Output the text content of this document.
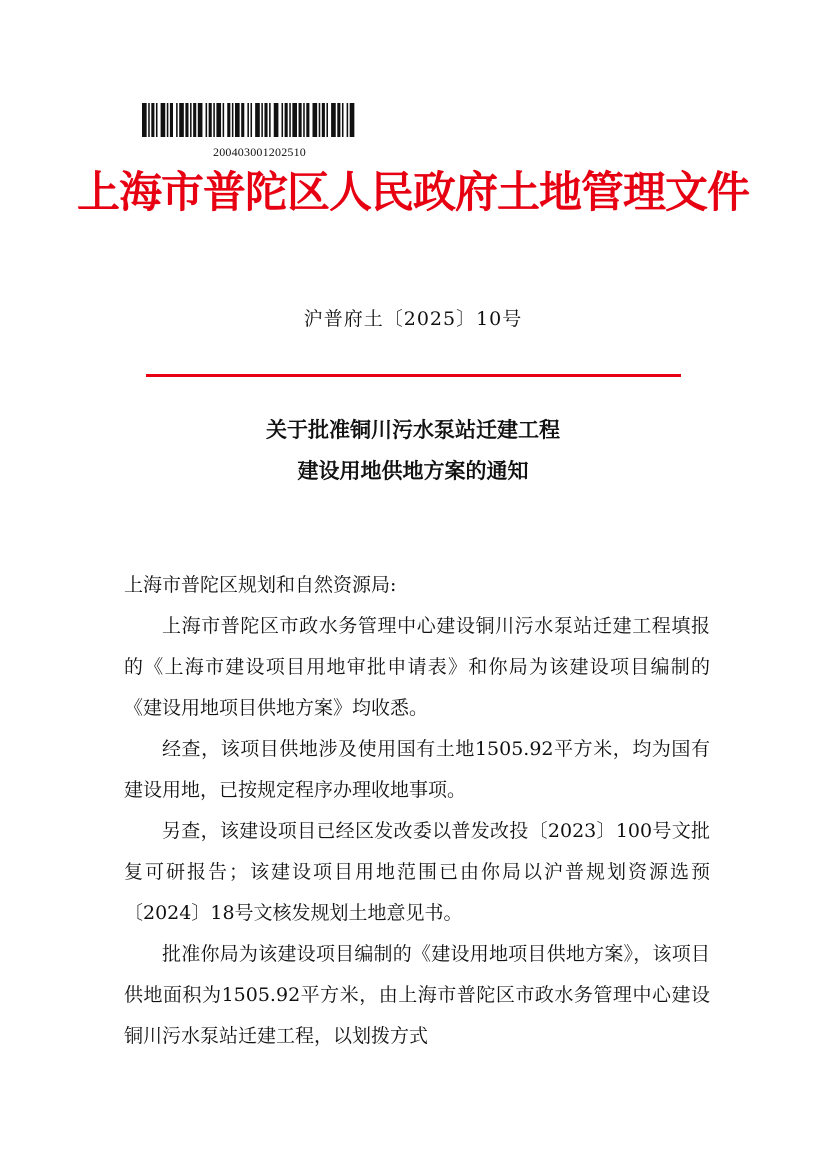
200403001202510
上海市普陀区人民政府土地管理文件
沪普府土〔2025〕10号
关于批准铜川污水泵站迁建工程
建设用地供地方案的通知

上海市普陀区规划和自然资源局:

上海市普陀区市政水务管理中心建设铜川污水泵站迁建工程填报的《上海市建设项目用地审批申请表》和你局为该建设项目编制的《建设用地项目供地方案》均收悉。

经查，该项目供地涉及使用国有土地1505.92平方米，均为国有建设用地，已按规定程序办理收地事项。

另查，该建设项目已经区发改委以普发改投〔2023〕100号文批复可研报告；该建设项目用地范围已由你局以沪普规划资源选预〔2024〕18号文核发规划土地意见书。

批准你局为该建设项目编制的《建设用地项目供地方案》，该项目供地面积为1505.92平方米，由上海市普陀区市政水务管理中心建设铜川污水泵站迁建工程，以划拨方式
